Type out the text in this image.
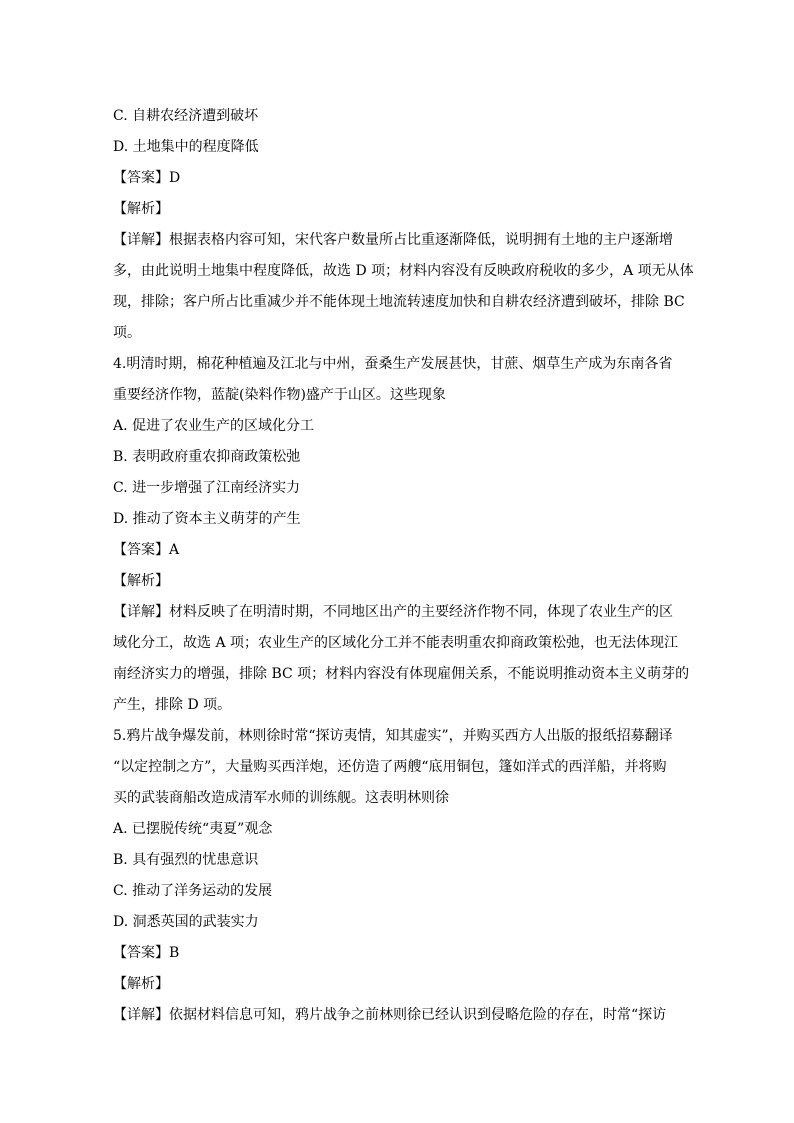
C. 自耕农经济遭到破坏

D. 土地集中的程度降低

【答案】D

【解析】

【详解】根据表格内容可知，宋代客户数量所占比重逐渐降低，说明拥有土地的主户逐渐增
多，由此说明土地集中程度降低，故选 D 项；材料内容没有反映政府税收的多少，A 项无从体
现，排除；客户所占比重减少并不能体现土地流转速度加快和自耕农经济遭到破坏，排除 BC
项。
4.明清时期，棉花种植遍及江北与中州，蚕桑生产发展甚快，甘蔗、烟草生产成为东南各省
重要经济作物，蓝靛(染料作物)盛产于山区。这些现象

A. 促进了农业生产的区域化分工

B. 表明政府重农抑商政策松弛

C. 进一步增强了江南经济实力

D. 推动了资本主义萌芽的产生

【答案】A

【解析】

【详解】材料反映了在明清时期，不同地区出产的主要经济作物不同，体现了农业生产的区
域化分工，故选 A 项；农业生产的区域化分工并不能表明重农抑商政策松弛，也无法体现江
南经济实力的增强，排除 BC 项；材料内容没有体现雇佣关系，不能说明推动资本主义萌芽的
产生，排除 D 项。
5.鸦片战争爆发前，林则徐时常“探访夷情，知其虚实”，并购买西方人出版的报纸招募翻译
“以定控制之方”，大量购买西洋炮，还仿造了两艘“底用铜包，篷如洋式的西洋船，并将购
买的武装商船改造成清军水师的训练舰。这表明林则徐

A. 已摆脱传统“夷夏”观念

B. 具有强烈的忧患意识

C. 推动了洋务运动的发展

D. 洞悉英国的武装实力

【答案】B

【解析】

【详解】依据材料信息可知，鸦片战争之前林则徐已经认识到侵略危险的存在，时常“探访
